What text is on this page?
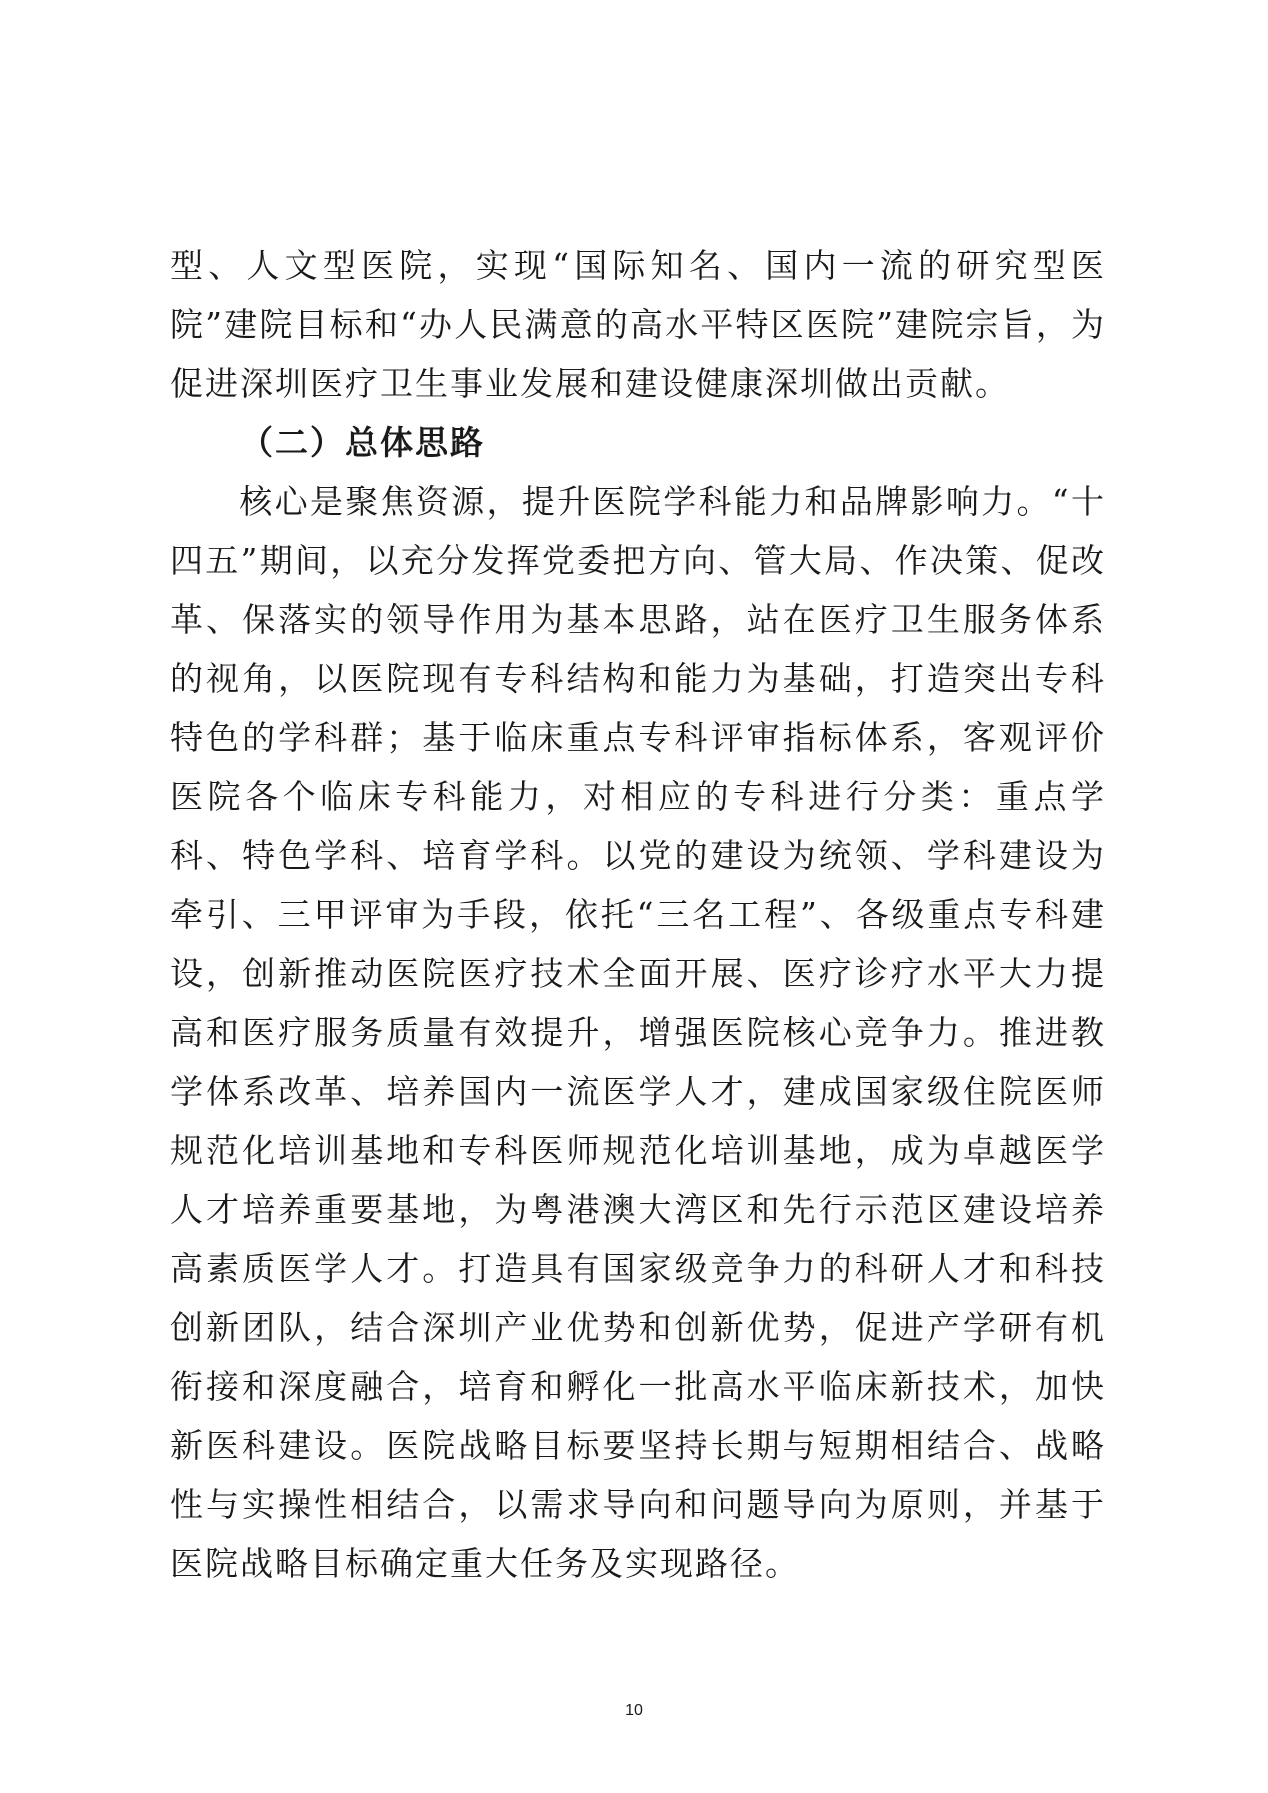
型、人文型医院，实现“国际知名、国内一流的研究型医院”建院目标和“办人民满意的高水平特区医院”建院宗旨，为促进深圳医疗卫生事业发展和建设健康深圳做出贡献。

（二）总体思路

核心是聚焦资源，提升医院学科能力和品牌影响力。“十四五”期间，以充分发挥党委把方向、管大局、作决策、促改革、保落实的领导作用为基本思路，站在医疗卫生服务体系的视角，以医院现有专科结构和能力为基础，打造突出专科特色的学科群；基于临床重点专科评审指标体系，客观评价医院各个临床专科能力，对相应的专科进行分类：重点学科、特色学科、培育学科。以党的建设为统领、学科建设为牵引、三甲评审为手段，依托“三名工程”、各级重点专科建设，创新推动医院医疗技术全面开展、医疗诊疗水平大力提高和医疗服务质量有效提升，增强医院核心竞争力。推进教学体系改革、培养国内一流医学人才，建成国家级住院医师规范化培训基地和专科医师规范化培训基地，成为卓越医学人才培养重要基地，为粤港澳大湾区和先行示范区建设培养高素质医学人才。打造具有国家级竞争力的科研人才和科技创新团队，结合深圳产业优势和创新优势，促进产学研有机衔接和深度融合，培育和孵化一批高水平临床新技术，加快新医科建设。医院战略目标要坚持长期与短期相结合、战略性与实操性相结合，以需求导向和问题导向为原则，并基于医院战略目标确定重大任务及实现路径。

10
